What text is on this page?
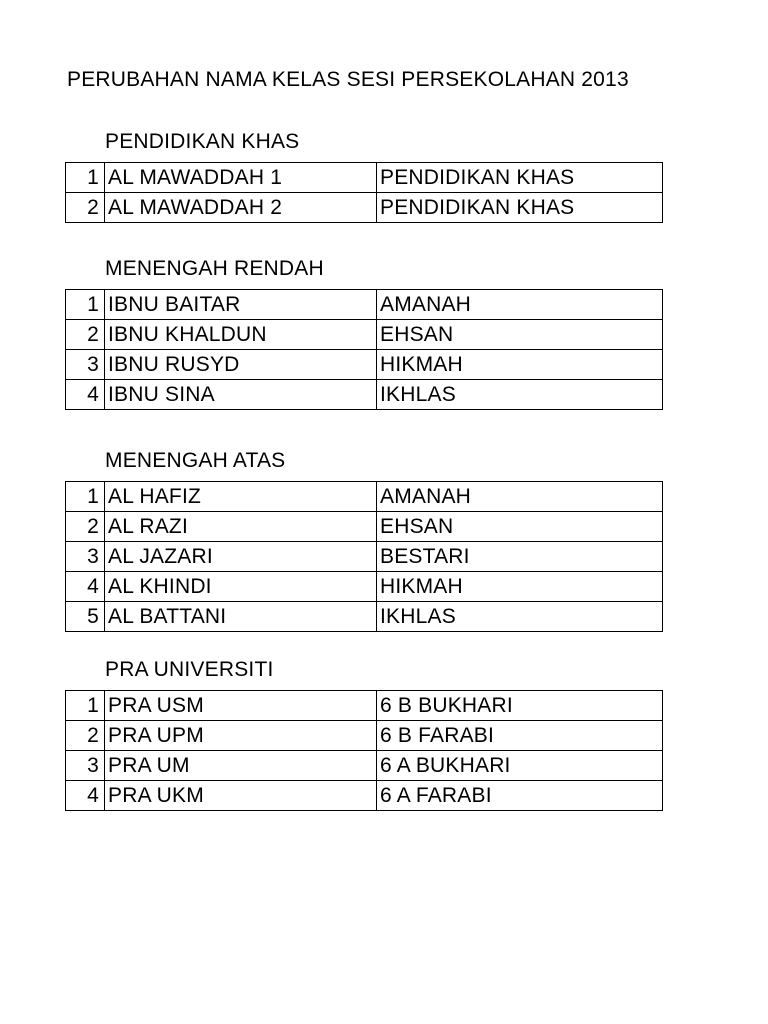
PERUBAHAN NAMA KELAS SESI PERSEKOLAHAN 2013
PENDIDIKAN KHAS
1	AL MAWADDAH 1	PENDIDIKAN KHAS
2	AL MAWADDAH 2	PENDIDIKAN KHAS
MENENGAH RENDAH
1	IBNU BAITAR	AMANAH
2	IBNU KHALDUN	EHSAN
3	IBNU RUSYD	HIKMAH
4	IBNU SINA	IKHLAS
MENENGAH ATAS
1	AL HAFIZ	AMANAH
2	AL RAZI	EHSAN
3	AL JAZARI	BESTARI
4	AL KHINDI	HIKMAH
5	AL BATTANI	IKHLAS
PRA UNIVERSITI
1	PRA USM	6 B BUKHARI
2	PRA UPM	6 B FARABI
3	PRA UM	6 A BUKHARI
4	PRA UKM	6 A FARABI
